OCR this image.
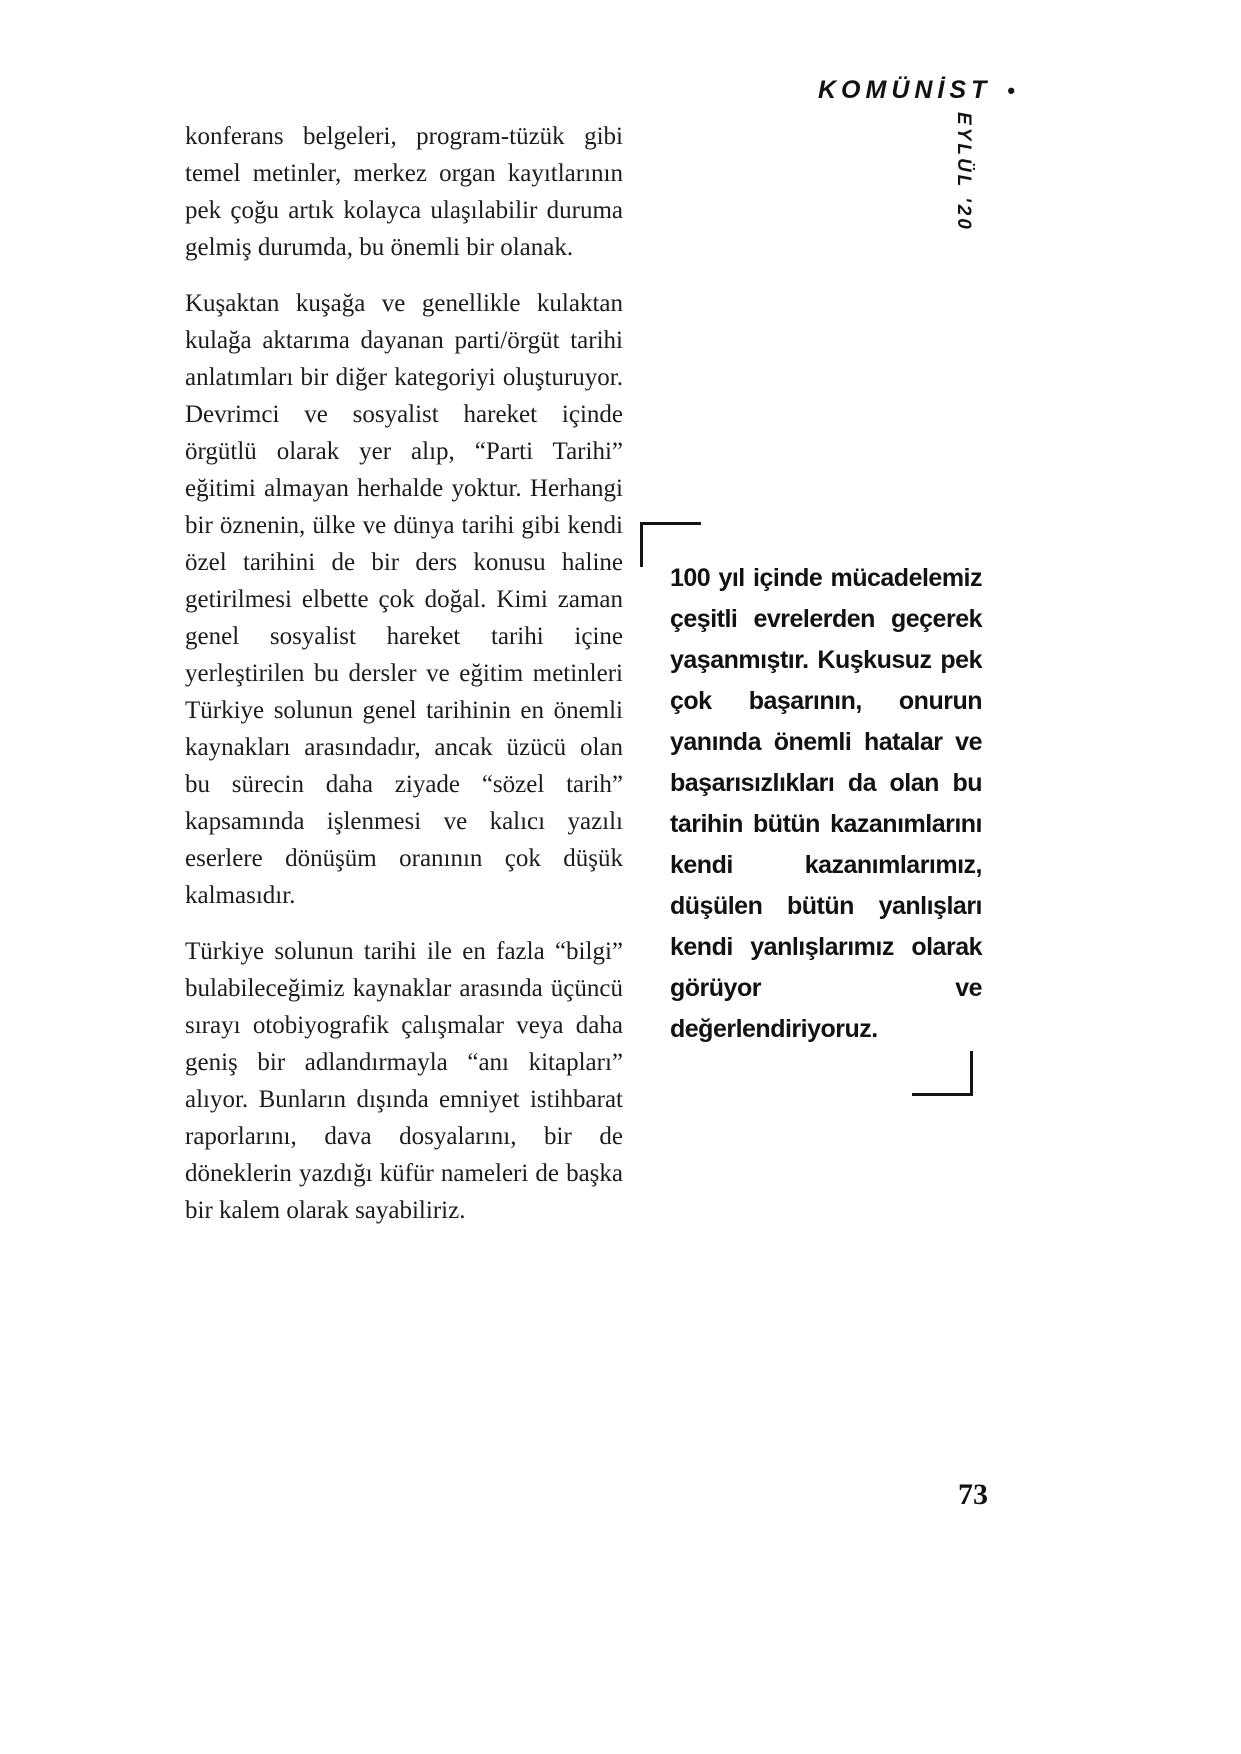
KOMÜNİST •
EYLÜL '20

konferans belgeleri, program-tüzük gibi temel metinler, merkez organ kayıtlarının pek çoğu artık kolayca ulaşılabilir duruma gelmiş durumda, bu önemli bir olanak.

Kuşaktan kuşağa ve genellikle kulaktan kulağa aktarıma dayanan parti/örgüt tarihi anlatımları bir diğer kategoriyi oluşturuyor. Devrimci ve sosyalist hareket içinde örgütlü olarak yer alıp, “Parti Tarihi” eğitimi almayan herhalde yoktur. Herhangi bir öznenin, ülke ve dünya tarihi gibi kendi özel tarihini de bir ders konusu haline getirilmesi elbette çok doğal. Kimi zaman genel sosyalist hareket tarihi içine yerleştirilen bu dersler ve eğitim metinleri Türkiye solunun genel tarihinin en önemli kaynakları arasındadır, ancak üzücü olan bu sürecin daha ziyade “sözel tarih” kapsamında işlenmesi ve kalıcı yazılı eserlere dönüşüm oranının çok düşük kalmasıdır.

Türkiye solunun tarihi ile en fazla “bilgi” bulabileceğimiz kaynaklar arasında üçüncü sırayı otobiyografik çalışmalar veya daha geniş bir adlandırmayla “anı kitapları” alıyor. Bunların dışında emniyet istihbarat raporlarını, dava dosyalarını, bir de döneklerin yazdığı küfür nameleri de başka bir kalem olarak sayabiliriz.

100 yıl içinde mücadelemiz çeşitli evrelerden geçerek yaşanmıştır. Kuşkusuz pek çok başarının, onurun yanında önemli hatalar ve başarısızlıkları da olan bu tarihin bütün kazanımlarını kendi kazanımlarımız, düşülen bütün yanlışları kendi yanlışlarımız olarak görüyor ve değerlendiriyoruz.
73
